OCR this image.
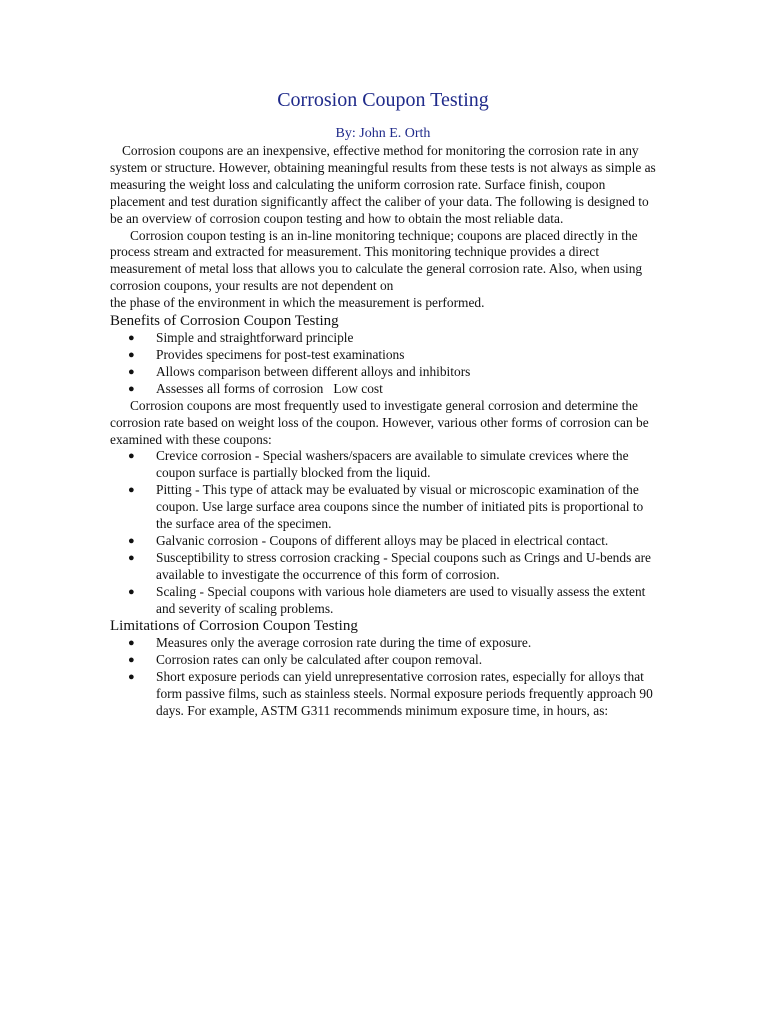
Corrosion Coupon Testing
By: John E. Orth

Corrosion coupons are an inexpensive, effective method for monitoring the corrosion rate in any system or structure. However, obtaining meaningful results from these tests is not always as simple as measuring the weight loss and calculating the uniform corrosion rate. Surface finish, coupon placement and test duration significantly affect the caliber of your data. The following is designed to be an overview of corrosion coupon testing and how to obtain the most reliable data.

Corrosion coupon testing is an in-line monitoring technique; coupons are placed directly in the process stream and extracted for measurement. This monitoring technique provides a direct measurement of metal loss that allows you to calculate the general corrosion rate. Also, when using corrosion coupons, your results are not dependent on

the phase of the environment in which the measurement is performed.

Benefits of Corrosion Coupon Testing
● Simple and straightforward principle
● Provides specimens for post-test examinations
● Allows comparison between different alloys and inhibitors
● Assesses all forms of corrosion   Low cost

Corrosion coupons are most frequently used to investigate general corrosion and determine the corrosion rate based on weight loss of the coupon. However, various other forms of corrosion can be examined with these coupons:

● Crevice corrosion - Special washers/spacers are available to simulate crevices where the coupon surface is partially blocked from the liquid.
● Pitting - This type of attack may be evaluated by visual or microscopic examination of the coupon. Use large surface area coupons since the number of initiated pits is proportional to the surface area of the specimen.
● Galvanic corrosion - Coupons of different alloys may be placed in electrical contact.
● Susceptibility to stress corrosion cracking - Special coupons such as Crings and U-bends are available to investigate the occurrence of this form of corrosion.
● Scaling - Special coupons with various hole diameters are used to visually assess the extent and severity of scaling problems.
Limitations of Corrosion Coupon Testing
● Measures only the average corrosion rate during the time of exposure.
● Corrosion rates can only be calculated after coupon removal.
● Short exposure periods can yield unrepresentative corrosion rates, especially for alloys that form passive films, such as stainless steels. Normal exposure periods frequently approach 90 days. For example, ASTM G311 recommends minimum exposure time, in hours, as:
